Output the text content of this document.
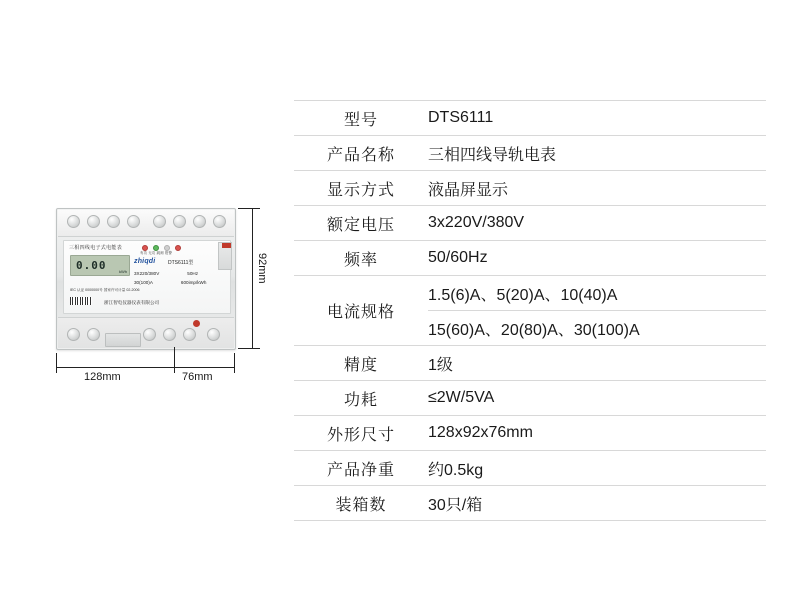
三相四线电子式电能表
0.00	kWh
有功 无功 跳闸 报警
zhiqdi	DTS6111型
3X220/380V	50Hz
30(100)A	600imp/kWh
IEC 认证 0000000号 国家许可计量 02-2006
浙江智电仪器仪表有限公司
128mm	76mm
92mm
型号	DTS6111
产品名称	三相四线导轨电表
显示方式	液晶屏显示
额定电压	3x220V/380V
频率	50/60Hz
电流规格	1.5(6)A、5(20)A、10(40)A
	15(60)A、20(80)A、30(100)A
精度	1级
功耗	≤2W/5VA
外形尺寸	128x92x76mm
产品净重	约0.5kg
装箱数	30只/箱
